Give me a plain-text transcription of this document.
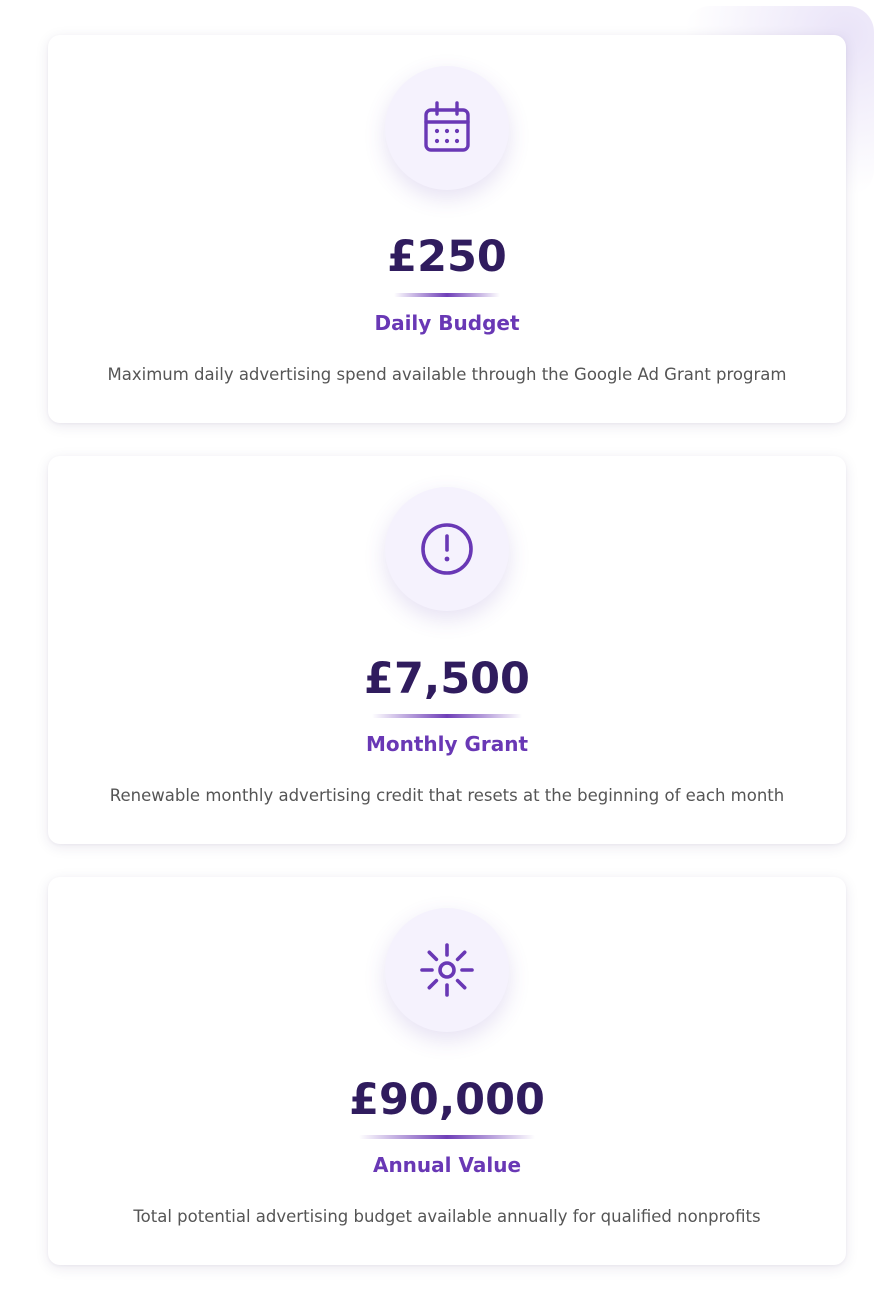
£250
Daily Budget
Maximum daily advertising spend available through the Google Ad Grant program
£7,500
Monthly Grant
Renewable monthly advertising credit that resets at the beginning of each month
£90,000
Annual Value
Total potential advertising budget available annually for qualified nonprofits
